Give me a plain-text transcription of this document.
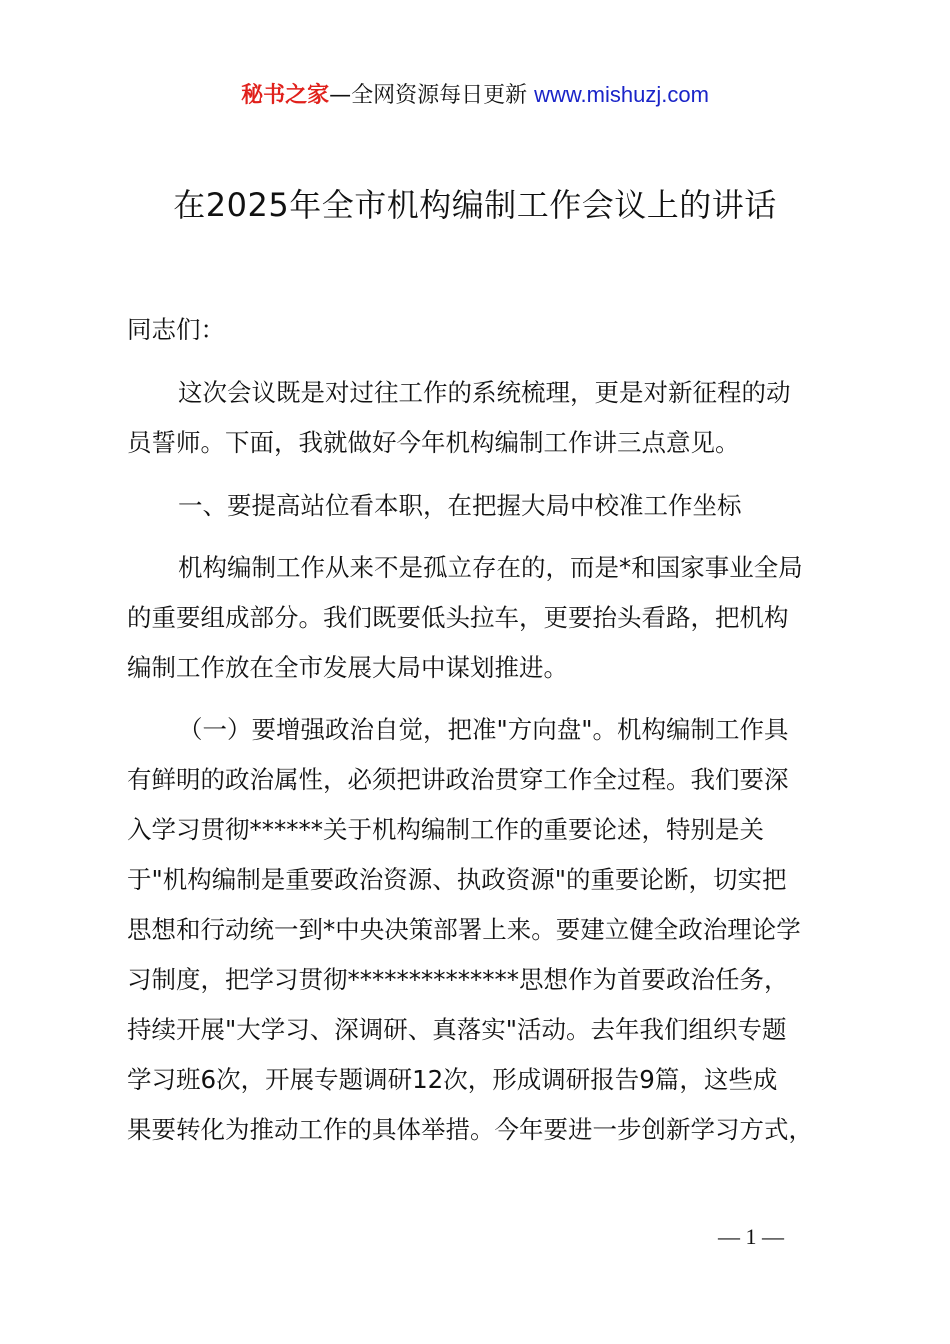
秘书之家—全网资源每日更新 www.mishuzj.com
在2025年全市机构编制工作会议上的讲话
同志们：
这次会议既是对过往工作的系统梳理，更是对新征程的动
员誓师。下面，我就做好今年机构编制工作讲三点意见。
一、要提高站位看本职，在把握大局中校准工作坐标
机构编制工作从来不是孤立存在的，而是*和国家事业全局
的重要组成部分。我们既要低头拉车，更要抬头看路，把机构
编制工作放在全市发展大局中谋划推进。
（一）要增强政治自觉，把准"方向盘"。机构编制工作具
有鲜明的政治属性，必须把讲政治贯穿工作全过程。我们要深
入学习贯彻******关于机构编制工作的重要论述，特别是关
于"机构编制是重要政治资源、执政资源"的重要论断，切实把
思想和行动统一到*中央决策部署上来。要建立健全政治理论学
习制度，把学习贯彻**************思想作为首要政治任务，
持续开展"大学习、深调研、真落实"活动。去年我们组织专题
学习班6次，开展专题调研12次，形成调研报告9篇，这些成
果要转化为推动工作的具体举措。今年要进一步创新学习方式，
— 1 —
